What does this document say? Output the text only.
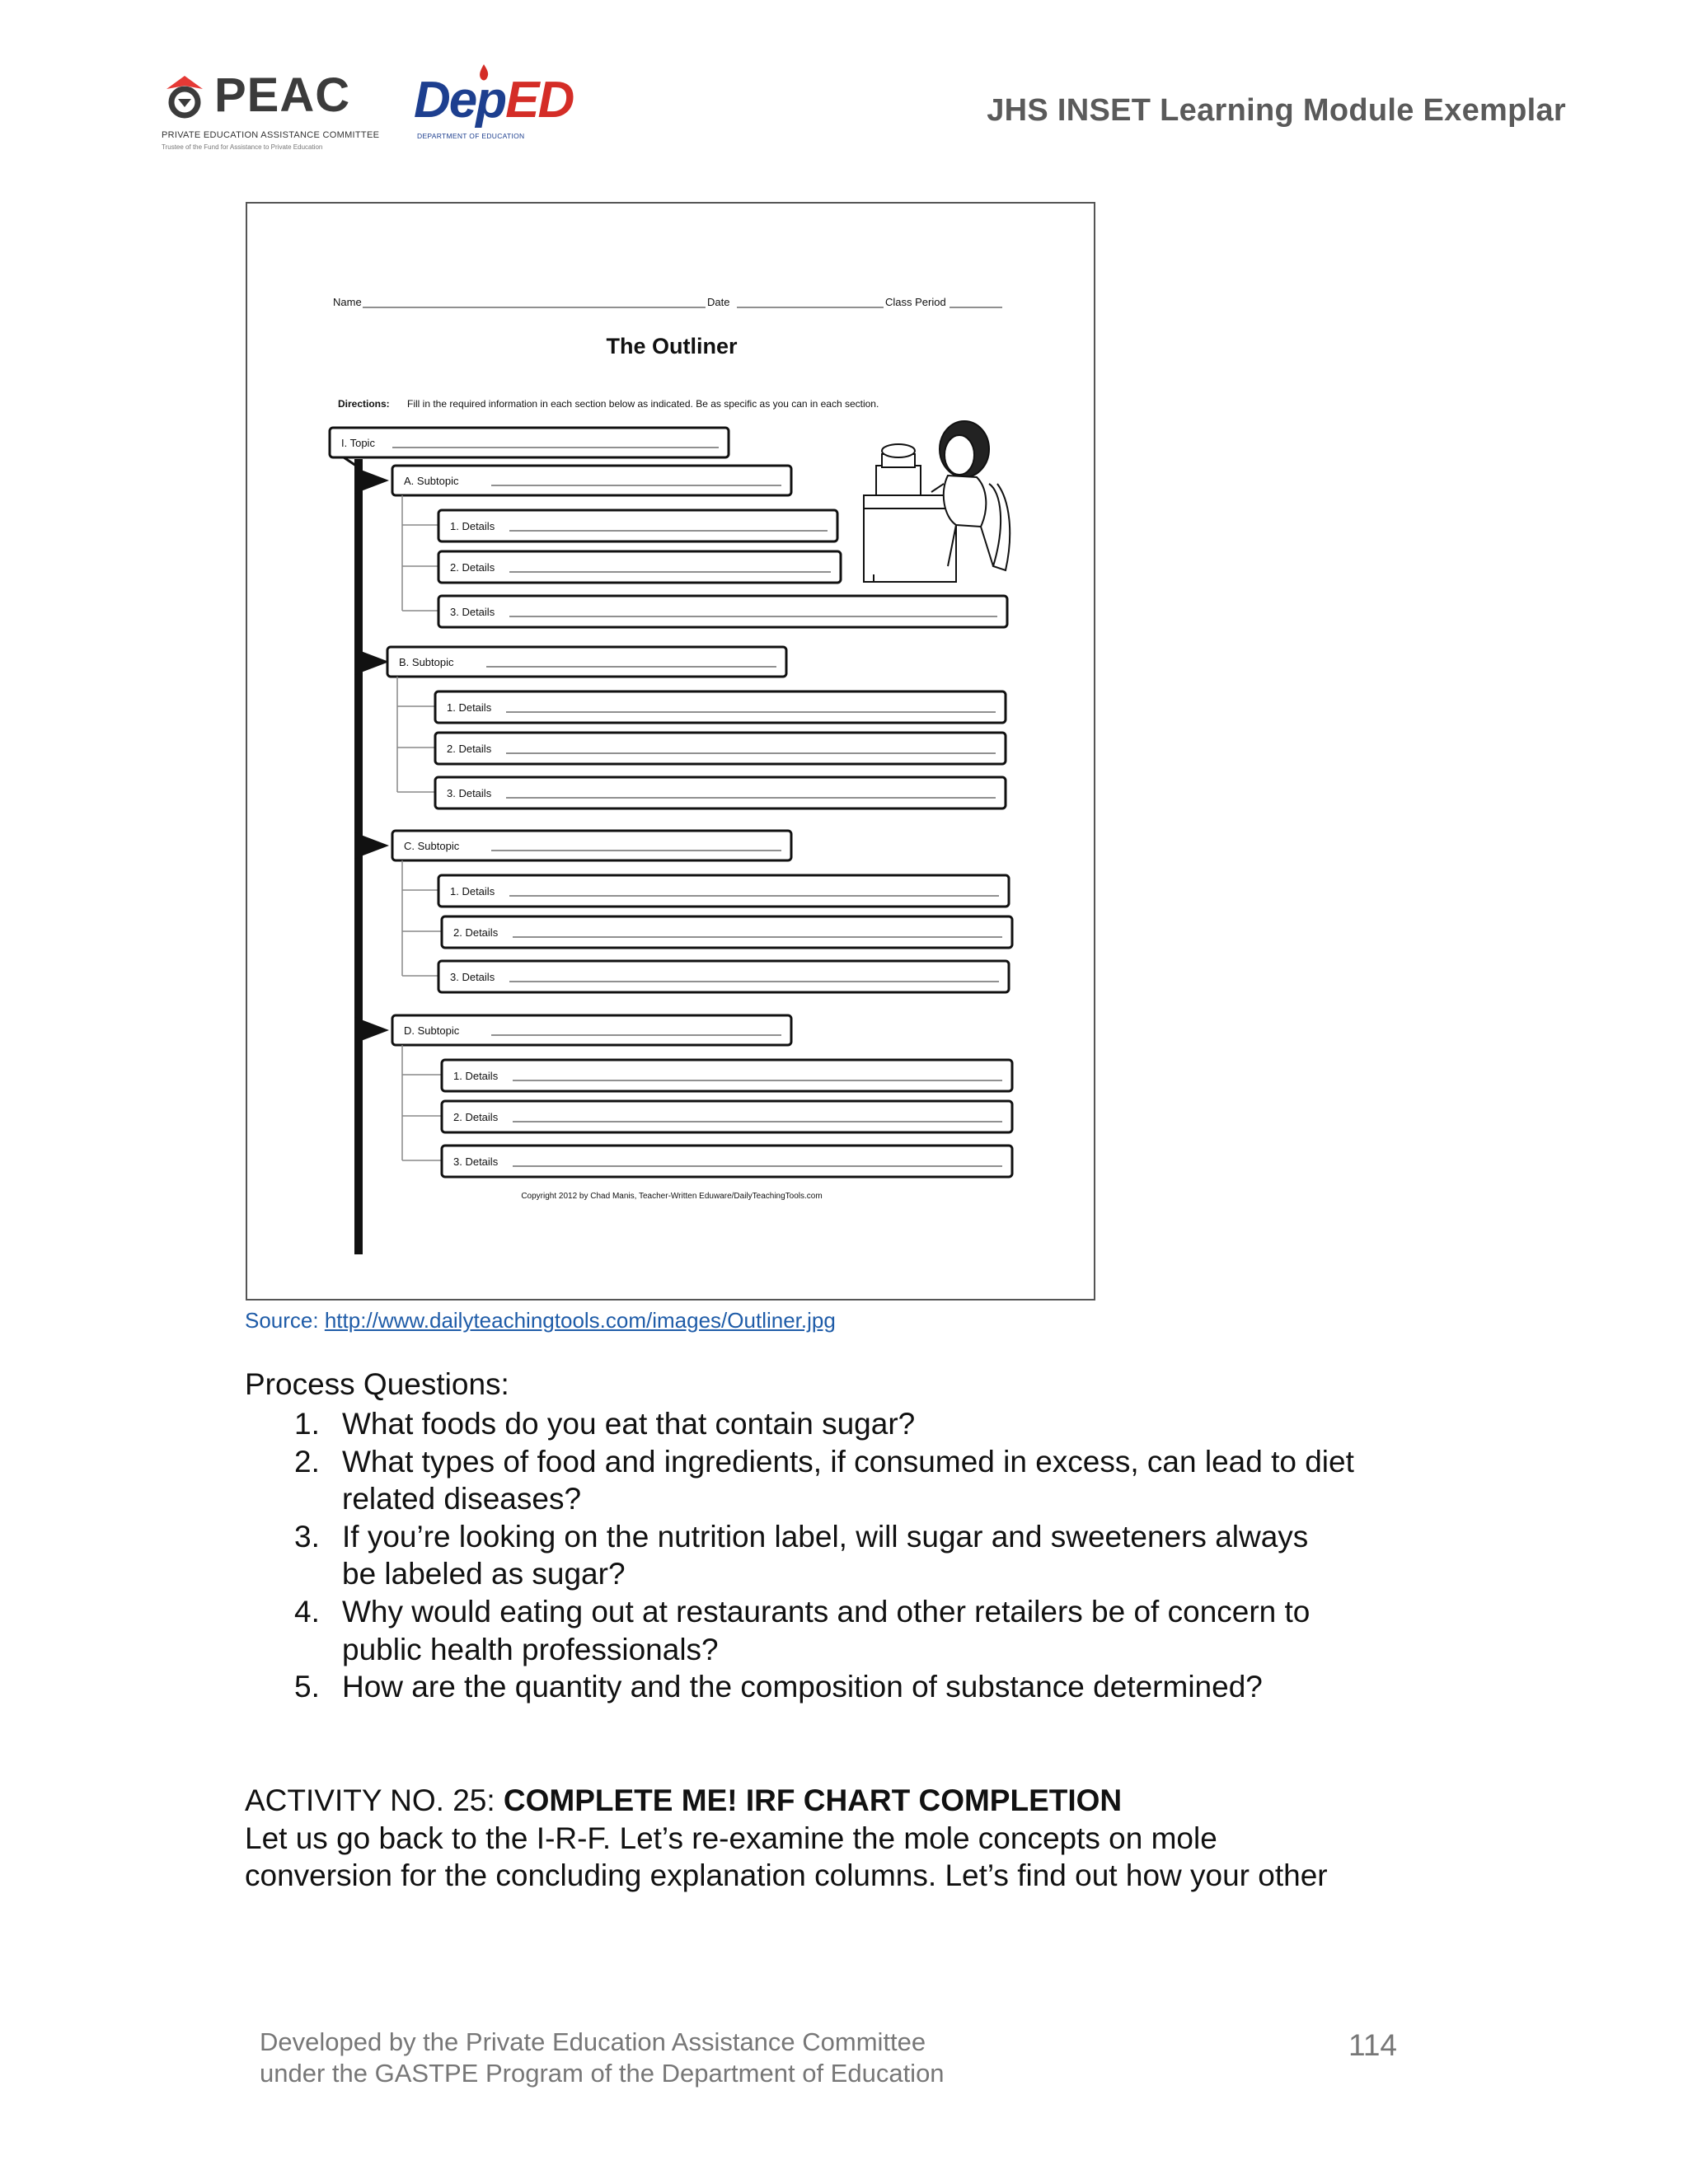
PEAC
PRIVATE EDUCATION ASSISTANCE COMMITTEE
Trustee of the Fund for Assistance to Private Education
DepED
DEPARTMENT OF EDUCATION
JHS INSET Learning Module Exemplar
Name	Date	Class Period
The Outliner
Directions: Fill in the required information in each section below as indicated. Be as specific as you can in each section.
I. Topic
A. Subtopic
1. Details
2. Details
3. Details
B. Subtopic
1. Details
2. Details
3. Details
C. Subtopic
1. Details
2. Details
3. Details
D. Subtopic
1. Details
2. Details
3. Details
Copyright 2012 by Chad Manis, Teacher-Written Eduware/DailyTeachingTools.com
Source: http://www.dailyteachingtools.com/images/Outliner.jpg
Process Questions:
1. What foods do you eat that contain sugar?
2. What types of food and ingredients, if consumed in excess, can lead to diet
related diseases?
3. If you’re looking on the nutrition label, will sugar and sweeteners always
be labeled as sugar?
4. Why would eating out at restaurants and other retailers be of concern to
public health professionals?
5. How are the quantity and the composition of substance determined?
ACTIVITY NO. 25: COMPLETE ME! IRF CHART COMPLETION
Let us go back to the I-R-F. Let’s re-examine the mole concepts on mole
conversion for the concluding explanation columns. Let’s find out how your other
Developed by the Private Education Assistance Committee
under the GASTPE Program of the Department of Education
114
